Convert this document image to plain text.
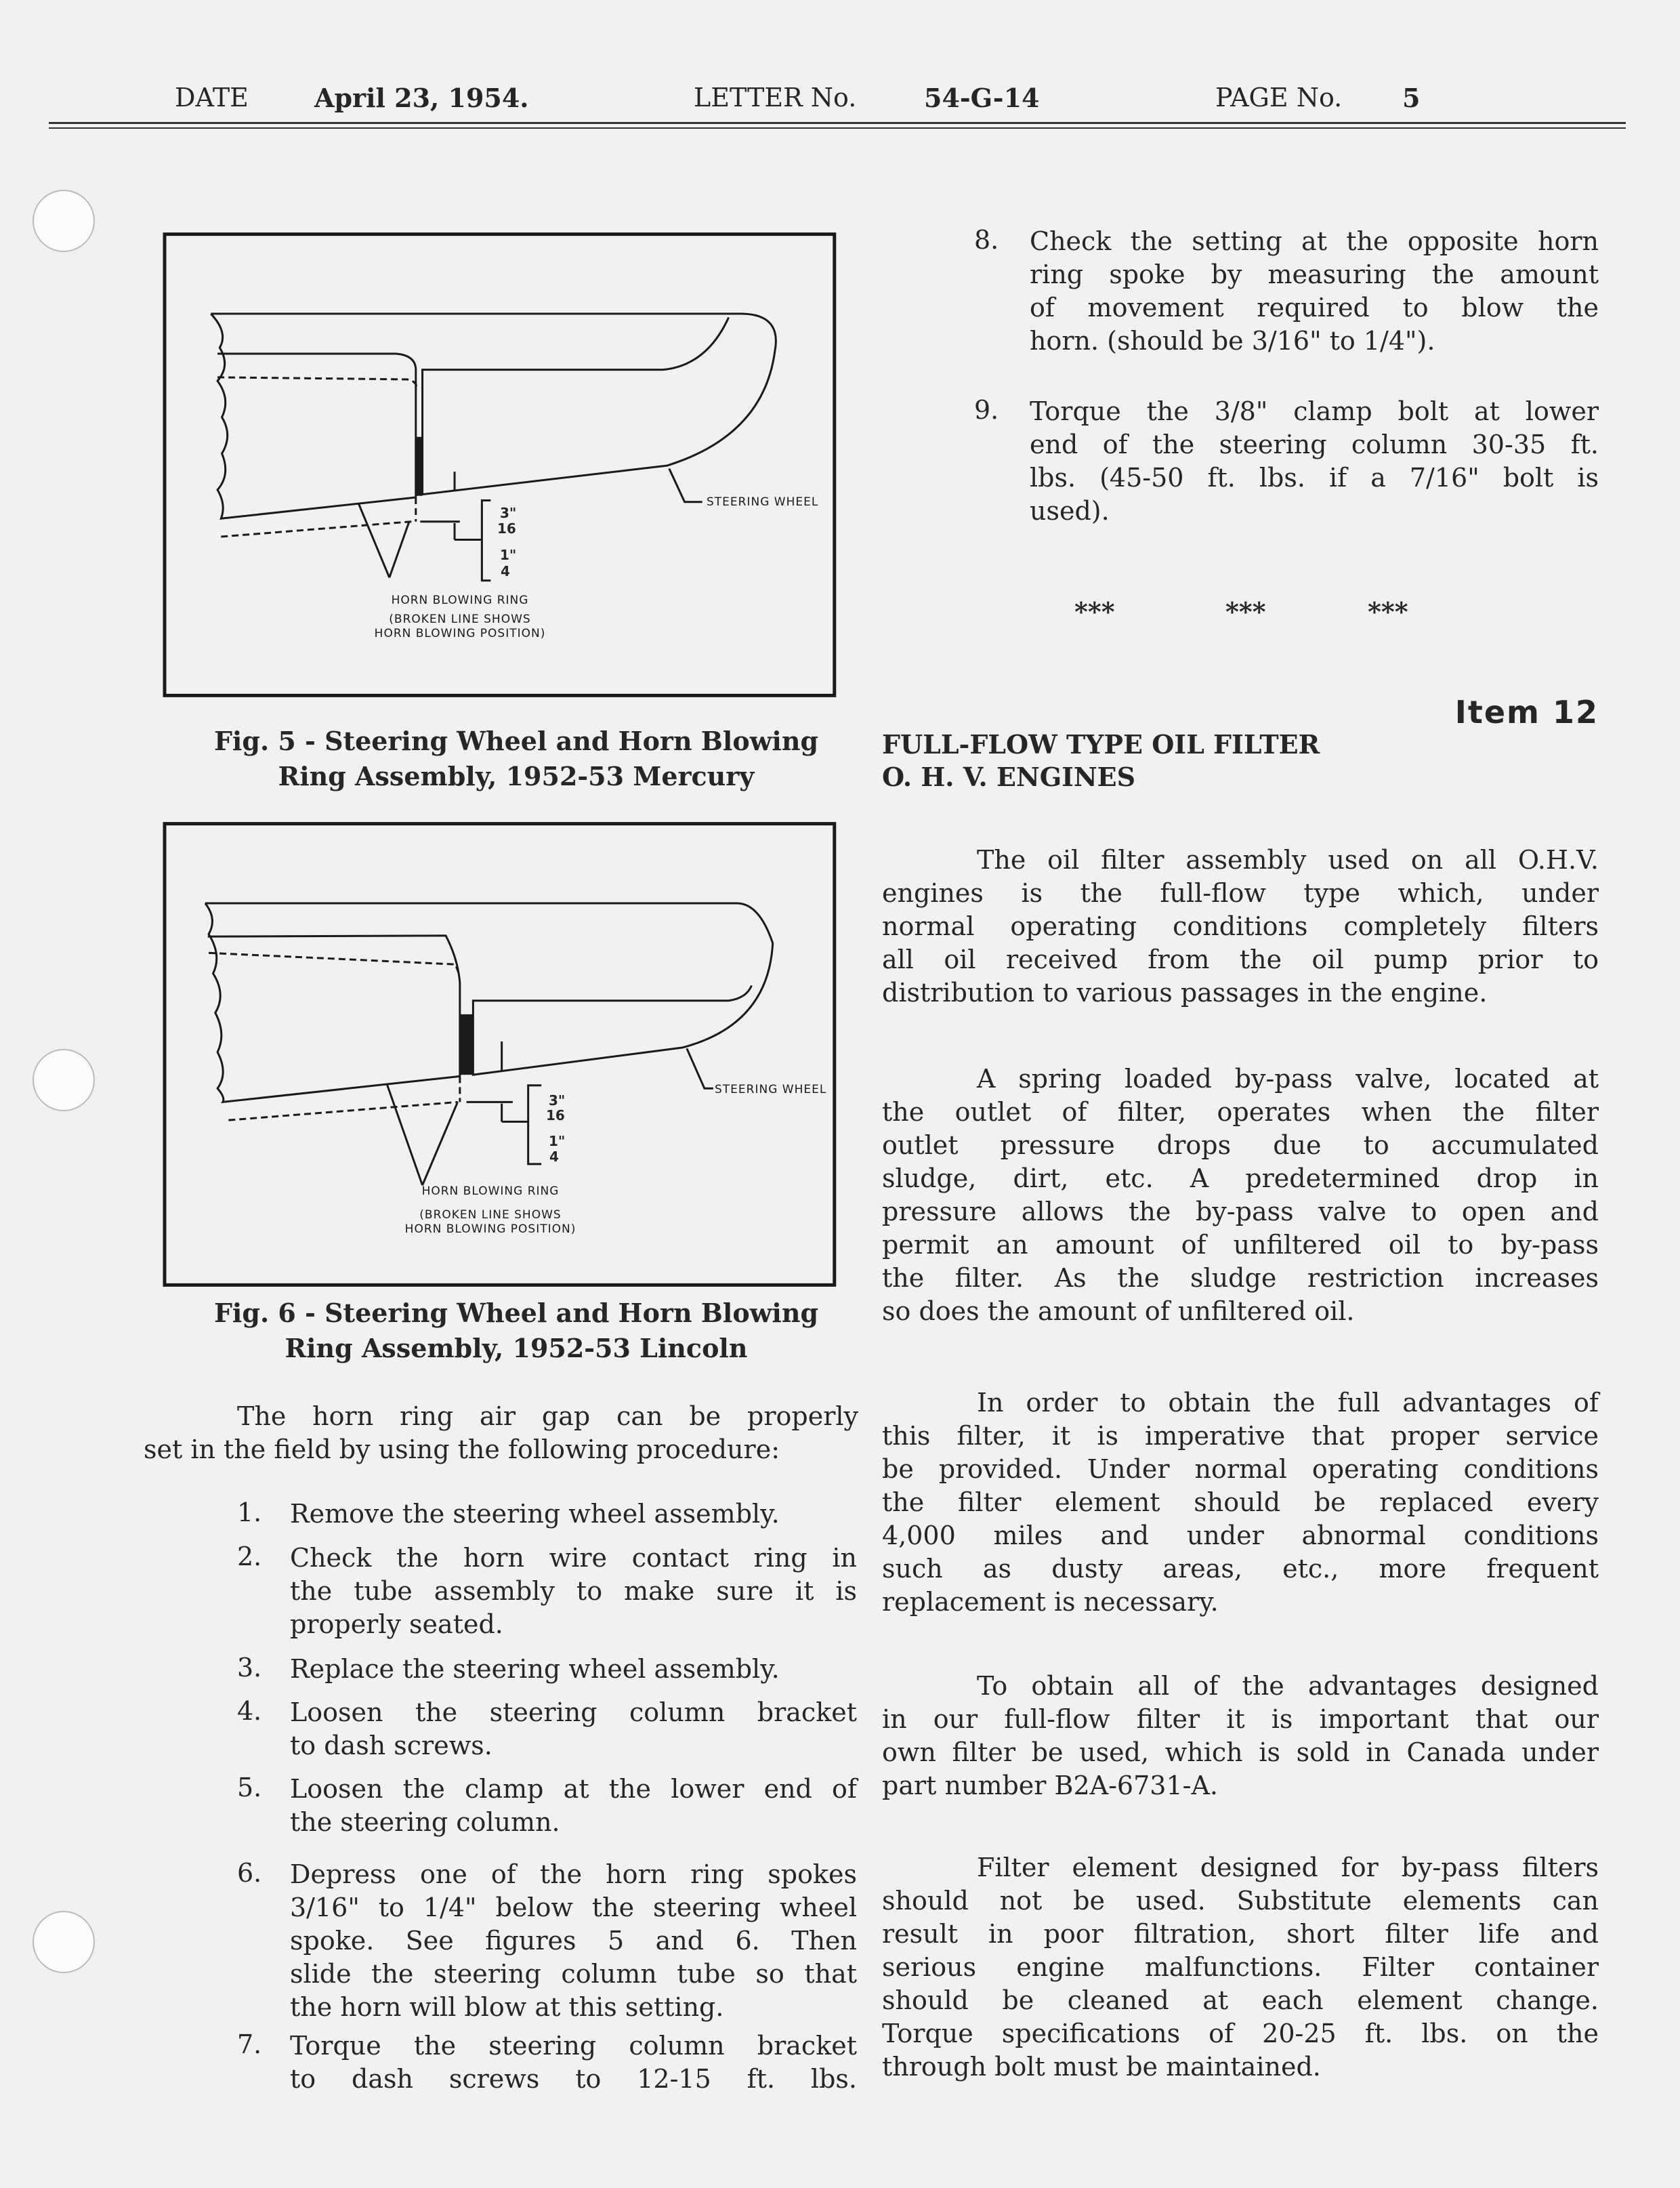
DATE	April 23, 1954.	LETTER No.	54-G-14	PAGE No. 5
STEERING WHEEL
3"
16
1"
4
HORN BLOWING RING
(BROKEN LINE SHOWS
HORN BLOWING POSITION)
Fig. 5 - Steering Wheel and Horn Blowing
Ring Assembly, 1952-53 Mercury
STEERING WHEEL
3"
16
1"
4
HORN BLOWING RING
(BROKEN LINE SHOWS
HORN BLOWING POSITION)
Fig. 6 - Steering Wheel and Horn Blowing
Ring Assembly, 1952-53 Lincoln
The horn ring air gap can be properly
set in the field by using the following procedure:
1. Remove the steering wheel assembly.
2. Check the horn wire contact ring in
the tube assembly to make sure it is
properly seated.
3. Replace the steering wheel assembly.
4. Loosen the steering column bracket
to dash screws.
5. Loosen the clamp at the lower end of
the steering column.
6. Depress one of the horn ring spokes
3/16" to 1/4" below the steering wheel
spoke. See figures 5 and 6. Then
slide the steering column tube so that
the horn will blow at this setting.
7. Torque the steering column bracket
to dash screws to 12-15 ft. lbs.
8. Check the setting at the opposite horn
ring spoke by measuring the amount
of movement required to blow the
horn. (should be 3/16" to 1/4").
9. Torque the 3/8" clamp bolt at lower
end of the steering column 30-35 ft.
lbs. (45-50 ft. lbs. if a 7/16" bolt is
used).
***	***	***
Item 12
FULL-FLOW TYPE OIL FILTER
O. H. V. ENGINES
The oil filter assembly used on all O.H.V.
engines is the full-flow type which, under
normal operating conditions completely filters
all oil received from the oil pump prior to
distribution to various passages in the engine.
A spring loaded by-pass valve, located at
the outlet of filter, operates when the filter
outlet pressure drops due to accumulated
sludge, dirt, etc. A predetermined drop in
pressure allows the by-pass valve to open and
permit an amount of unfiltered oil to by-pass
the filter. As the sludge restriction increases
so does the amount of unfiltered oil.
In order to obtain the full advantages of
this filter, it is imperative that proper service
be provided. Under normal operating conditions
the filter element should be replaced every
4,000 miles and under abnormal conditions
such as dusty areas, etc., more frequent
replacement is necessary.
To obtain all of the advantages designed
in our full-flow filter it is important that our
own filter be used, which is sold in Canada under
part number B2A-6731-A.
Filter element designed for by-pass filters
should not be used. Substitute elements can
result in poor filtration, short filter life and
serious engine malfunctions. Filter container
should be cleaned at each element change.
Torque specifications of 20-25 ft. lbs. on the
through bolt must be maintained.
